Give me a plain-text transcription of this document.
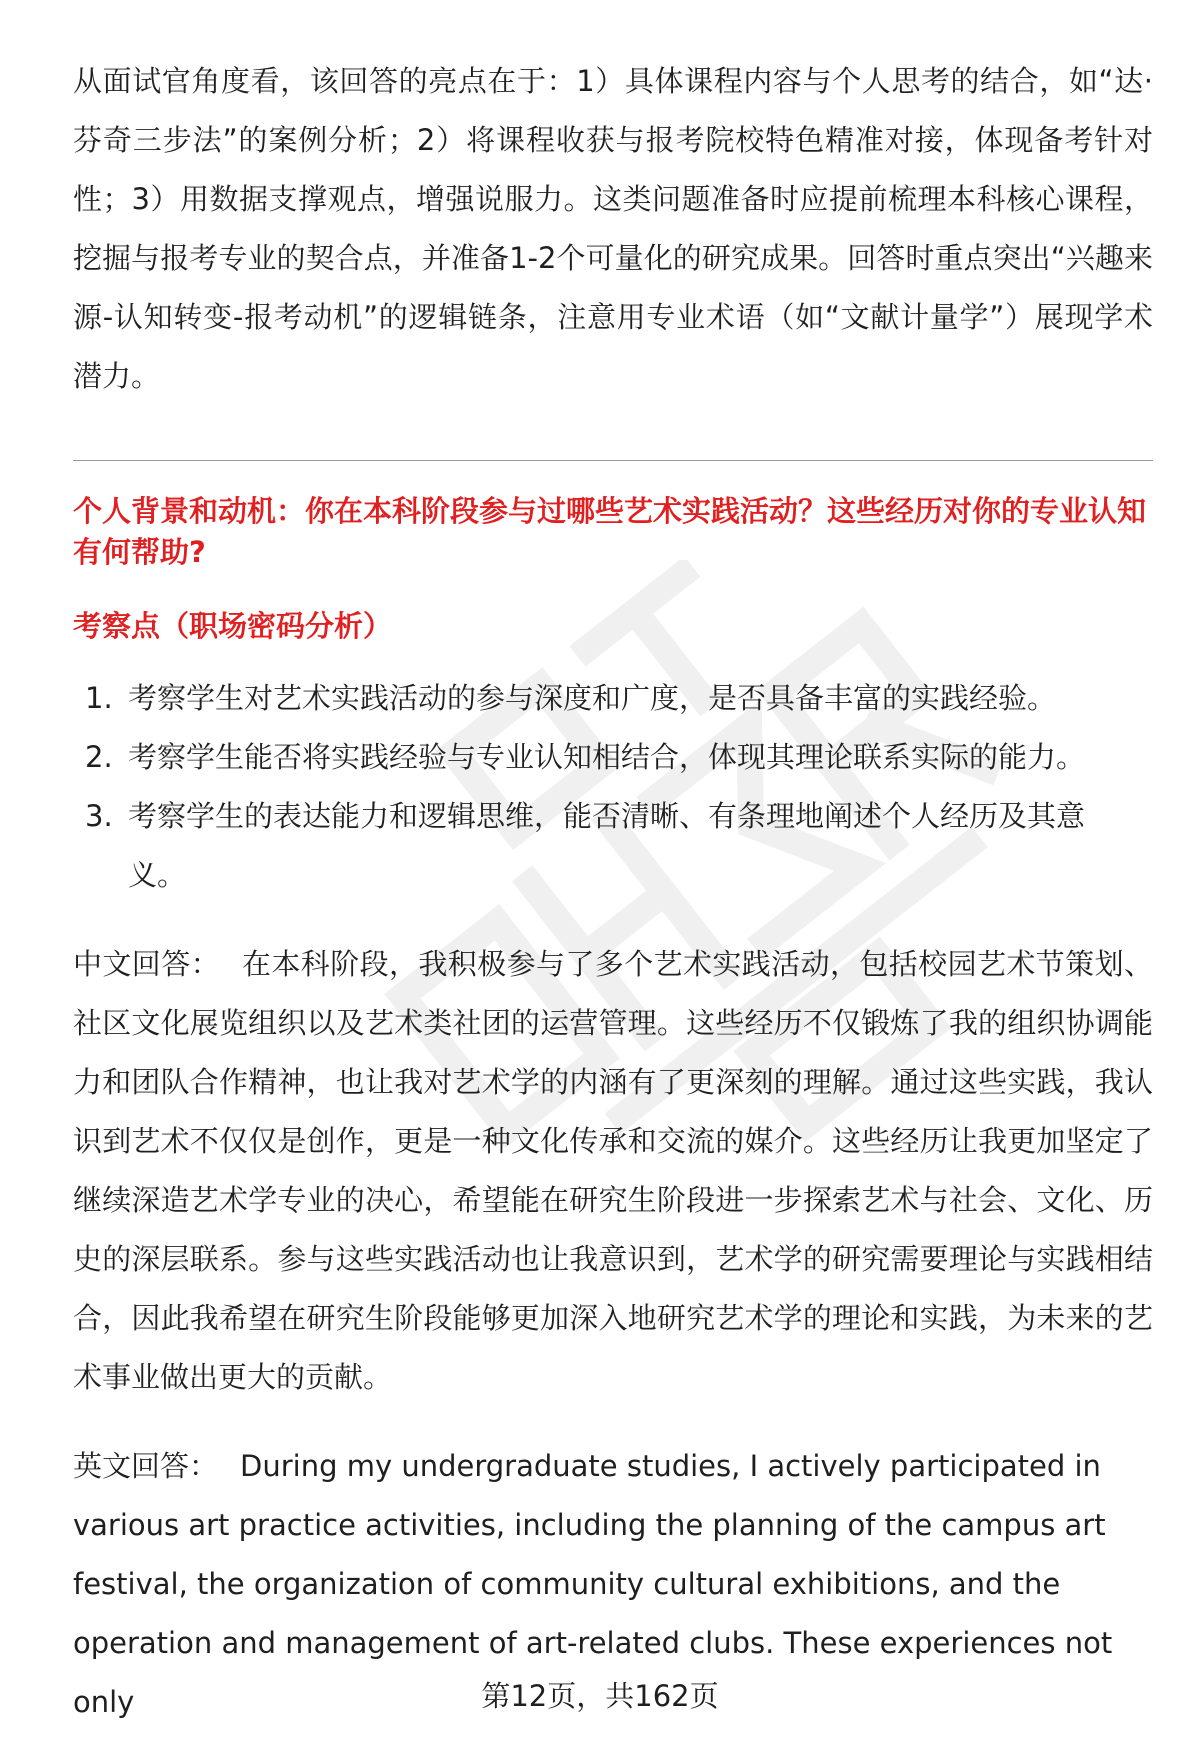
从面试官角度看，该回答的亮点在于：1）具体课程内容与个人思考的结合，如“达·芬奇三步法”的案例分析；2）将课程收获与报考院校特色精准对接，体现备考针对性；3）用数据支撑观点，增强说服力。这类问题准备时应提前梳理本科核心课程，挖掘与报考专业的契合点，并准备1-2个可量化的研究成果。回答时重点突出“兴趣来源-认知转变-报考动机”的逻辑链条，注意用专业术语（如“文献计量学”）展现学术潜力。

个人背景和动机：你在本科阶段参与过哪些艺术实践活动？这些经历对你的专业认知有何帮助?
考察点（职场密码分析）
1. 考察学生对艺术实践活动的参与深度和广度，是否具备丰富的实践经验。
2. 考察学生能否将实践经验与专业认知相结合，体现其理论联系实际的能力。
3. 考察学生的表达能力和逻辑思维，能否清晰、有条理地阐述个人经历及其意义。

中文回答： 在本科阶段，我积极参与了多个艺术实践活动，包括校园艺术节策划、社区文化展览组织以及艺术类社团的运营管理。这些经历不仅锻炼了我的组织协调能力和团队合作精神，也让我对艺术学的内涵有了更深刻的理解。通过这些实践，我认识到艺术不仅仅是创作，更是一种文化传承和交流的媒介。这些经历让我更加坚定了继续深造艺术学专业的决心，希望能在研究生阶段进一步探索艺术与社会、文化、历史的深层联系。参与这些实践活动也让我意识到，艺术学的研究需要理论与实践相结合，因此我希望在研究生阶段能够更加深入地研究艺术学的理论和实践，为未来的艺术事业做出更大的贡献。

英文回答： During my undergraduate studies, I actively participated in various art practice activities, including the planning of the campus art festival, the organization of community cultural exhibitions, and the operation and management of art-related clubs. These experiences not only	第12页，共162页
